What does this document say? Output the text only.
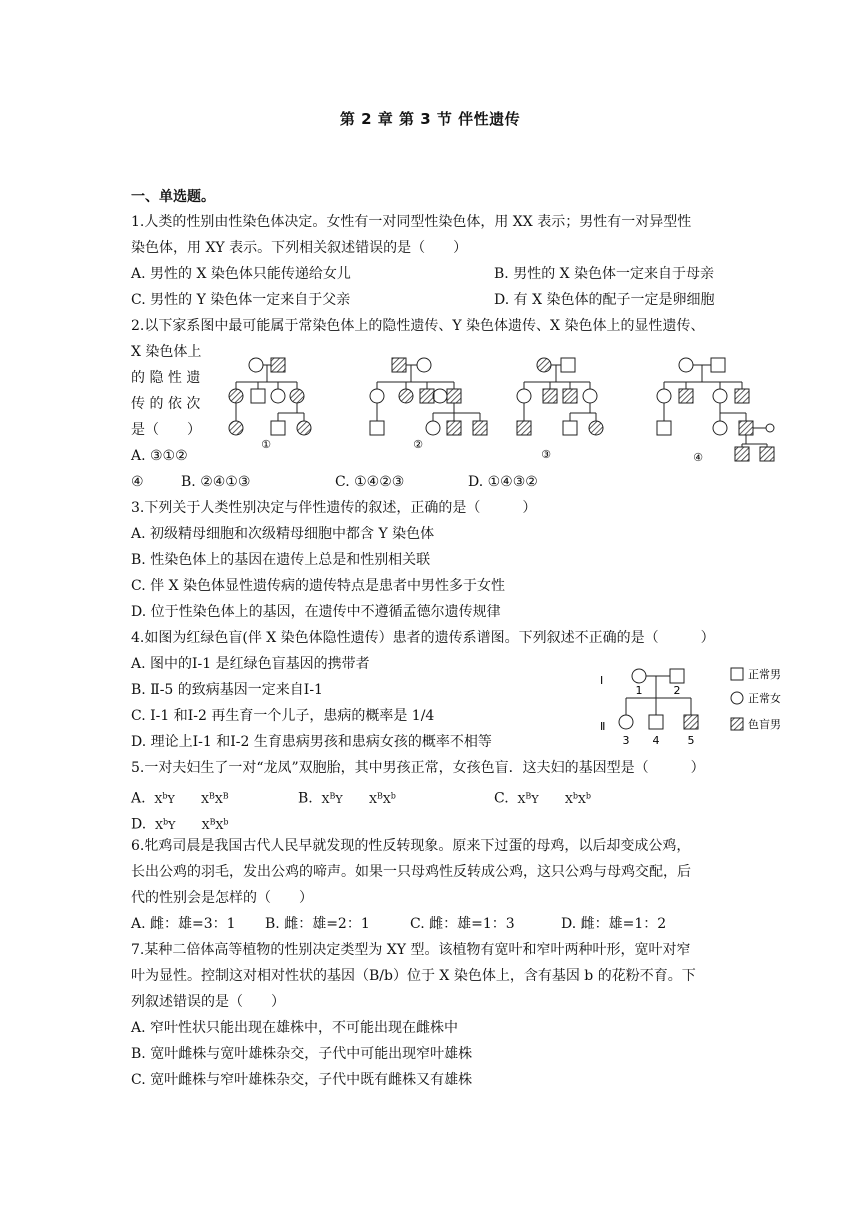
第 2 章 第 3 节 伴性遗传
一、单选题。
1.人类的性别由性染色体决定。女性有一对同型性染色体，用 XX 表示；男性有一对异型性
染色体，用 XY 表示。下列相关叙述错误的是（　　）
A. 男性的 X 染色体只能传递给女儿	B. 男性的 X 染色体一定来自于母亲
C. 男性的 Y 染色体一定来自于父亲	D. 有 X 染色体的配子一定是卵细胞
2.以下家系图中最可能属于常染色体上的隐性遗传、Y 染色体遗传、X 染色体上的显性遗传、
X 染色体上
的 隐 性 遗
传 的 依 次
是（　　）
A. ③①②
④	B. ②④①③	C. ①④②③	D. ①④③②
①	②
③	④
3.下列关于人类性别决定与伴性遗传的叙述，正确的是（　　　）
A. 初级精母细胞和次级精母细胞中都含 Y 染色体
B. 性染色体上的基因在遗传上总是和性别相关联
C. 伴 X 染色体显性遗传病的遗传特点是患者中男性多于女性
D. 位于性染色体上的基因，在遗传中不遵循孟德尔遗传规律
4.如图为红绿色盲(伴 X 染色体隐性遗传）患者的遗传系谱图。下列叙述不正确的是（　　　）
A. 图中的Ⅰ-1 是红绿色盲基因的携带者
B. Ⅱ-5 的致病基因一定来自Ⅰ-1
C. Ⅰ-1 和Ⅰ-2 再生育一个儿子，患病的概率是 1/4
D. 理论上Ⅰ-1 和Ⅰ-2 生育患病男孩和患病女孩的概率不相等
Ⅰ
Ⅱ
1	2
3 4	5
正常男
正常女
色盲男
5.一对夫妇生了一对“龙凤”双胞胎，其中男孩正常，女孩色盲．这夫妇的基因型是（　　　）
A. $X^bY$ $X^BX^B$	B. $X^BY$ $X^BX^b$	C. $X^BY$ $X^bX^b$
D. $X^bY$ $X^BX^b$
6.牝鸡司晨是我国古代人民早就发现的性反转现象。原来下过蛋的母鸡，以后却变成公鸡，
长出公鸡的羽毛，发出公鸡的啼声。如果一只母鸡性反转成公鸡，这只公鸡与母鸡交配，后
代的性别会是怎样的（　　）
A. 雌：雄=3：1 B. 雌：雄=2：1	C. 雌：雄=1：3	D. 雌：雄=1：2
7.某种二倍体高等植物的性别决定类型为 XY 型。该植物有宽叶和窄叶两种叶形，宽叶对窄
叶为显性。控制这对相对性状的基因（B/b）位于 X 染色体上，含有基因 b 的花粉不育。下
列叙述错误的是（　　）
A. 窄叶性状只能出现在雄株中，不可能出现在雌株中
B. 宽叶雌株与宽叶雄株杂交，子代中可能出现窄叶雄株
C. 宽叶雌株与窄叶雄株杂交，子代中既有雌株又有雄株
